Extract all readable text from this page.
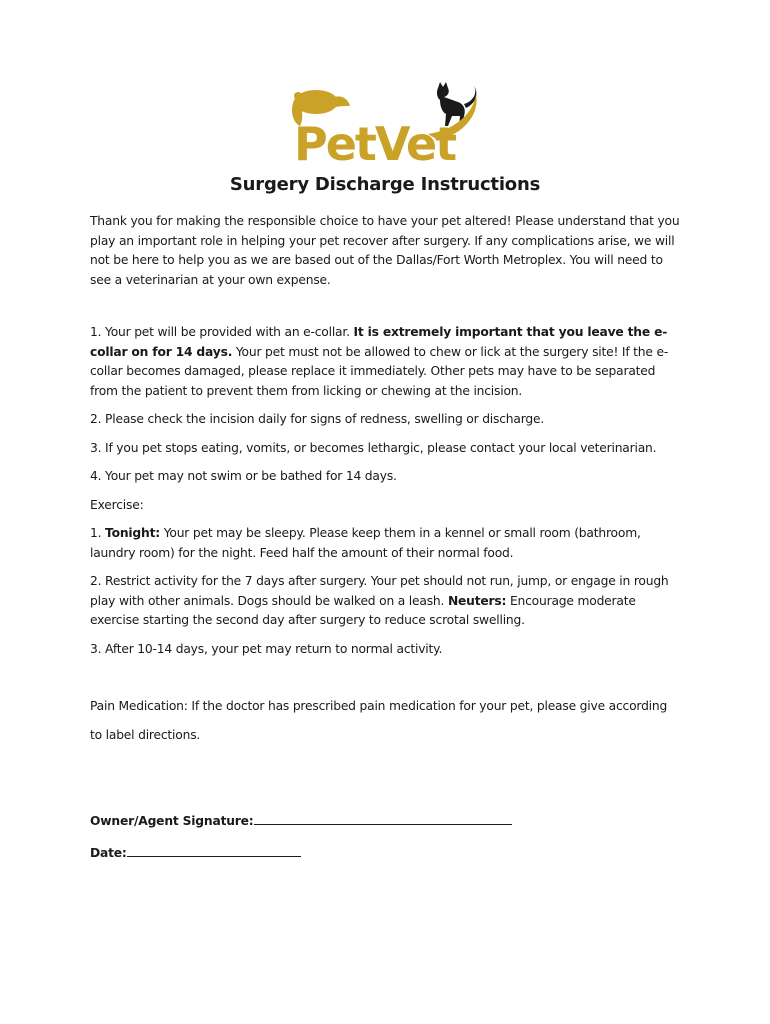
PetVet
Surgery Discharge Instructions

Thank you for making the responsible choice to have your pet altered! Please understand that you play an important role in helping your pet recover after surgery. If any complications arise, we will not be here to help you as we are based out of the Dallas/Fort Worth Metroplex. You will need to see a veterinarian at your own expense.

1. Your pet will be provided with an e-collar. It is extremely important that you leave the e-collar on for 14 days. Your pet must not be allowed to chew or lick at the surgery site! If the e-collar becomes damaged, please replace it immediately. Other pets may have to be separated from the patient to prevent them from licking or chewing at the incision.

2. Please check the incision daily for signs of redness, swelling or discharge.

3. If you pet stops eating, vomits, or becomes lethargic, please contact your local veterinarian.

4. Your pet may not swim or be bathed for 14 days.

Exercise:

1. Tonight: Your pet may be sleepy. Please keep them in a kennel or small room (bathroom, laundry room) for the night. Feed half the amount of their normal food.

2. Restrict activity for the 7 days after surgery. Your pet should not run, jump, or engage in rough play with other animals. Dogs should be walked on a leash. Neuters: Encourage moderate exercise starting the second day after surgery to reduce scrotal swelling.

3. After 10-14 days, your pet may return to normal activity.

Pain Medication: If the doctor has prescribed pain medication for your pet, please give according to label directions.

Owner/Agent Signature:

Date:
